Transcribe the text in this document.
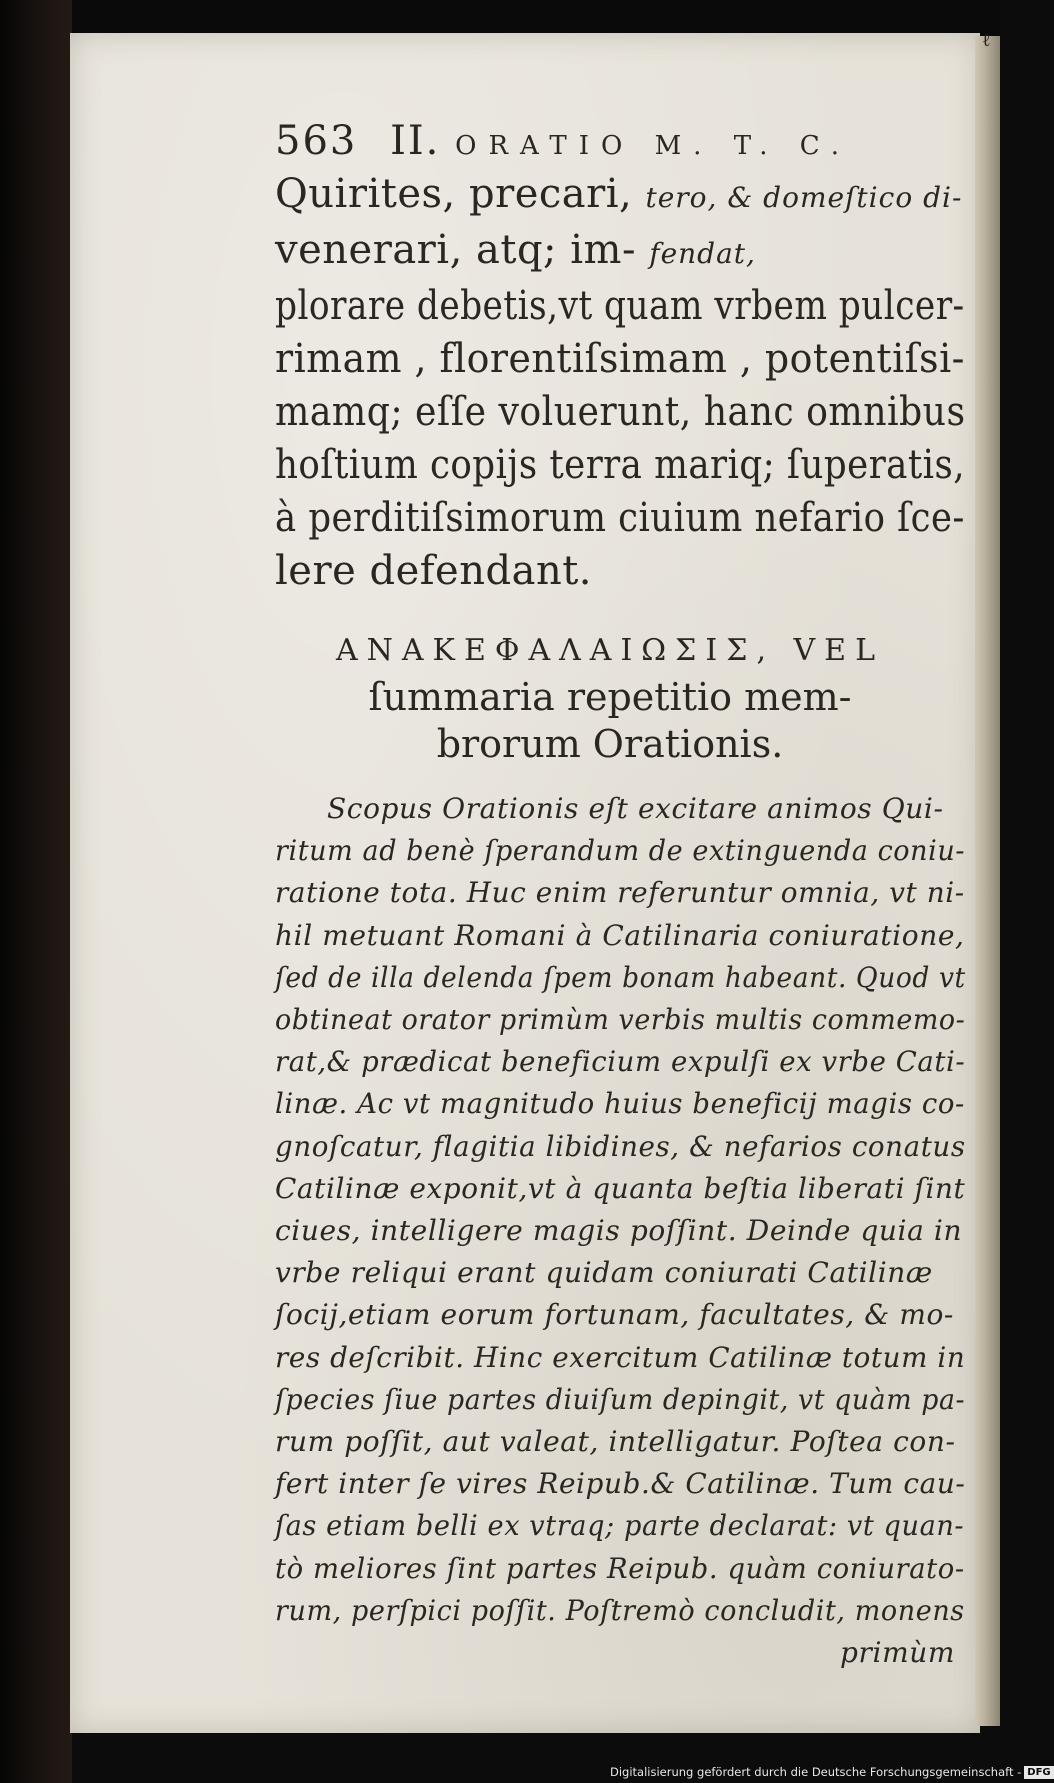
ℓ
563 II. ORATIO M. T. C.
Quirites, precari, tero, & domeſtico di-
venerari, atq; im- fendat,
plorare debetis,vt quam vrbem pulcer-
rimam , florentiſsimam , potentiſsi-
mamq; eſſe voluerunt, hanc omnibus
hoſtium copijs terra mariq; ſuperatis,
à perditiſsimorum ciuium nefario ſce-
lere defendant.
ΑΝΑΚΕΦΑΛΑΙΩΣΙΣ, VEL
ſummaria repetitio mem-
brorum Orationis.
Scopus Orationis eſt excitare animos Qui-
ritum ad benè ſperandum de extinguenda coniu-
ratione tota. Huc enim referuntur omnia, vt ni-
hil metuant Romani à Catilinaria coniuratione,
ſed de illa delenda ſpem bonam habeant. Quod vt
obtineat orator primùm verbis multis commemo-
rat,& prædicat beneficium expulſi ex vrbe Cati-
linæ. Ac vt magnitudo huius beneficij magis co-
gnoſcatur, flagitia libidines, & nefarios conatus
Catilinæ exponit,vt à quanta beſtia liberati ſint
ciues, intelligere magis poſſint. Deinde quia in
vrbe reliqui erant quidam coniurati Catilinæ
ſocij,etiam eorum fortunam, facultates, & mo-
res deſcribit. Hinc exercitum Catilinæ totum in
ſpecies ſiue partes diuiſum depingit, vt quàm pa-
rum poſſit, aut valeat, intelligatur. Poſtea con-
fert inter ſe vires Reipub.& Catilinæ. Tum cau-
ſas etiam belli ex vtraq; parte declarat: vt quan-
tò meliores ſint partes Reipub. quàm coniurato-
rum, perſpici poſſit. Poſtremò concludit, monens
primùm
Digitalisierung gefördert durch die Deutsche Forschungsgemeinschaft - DFG
